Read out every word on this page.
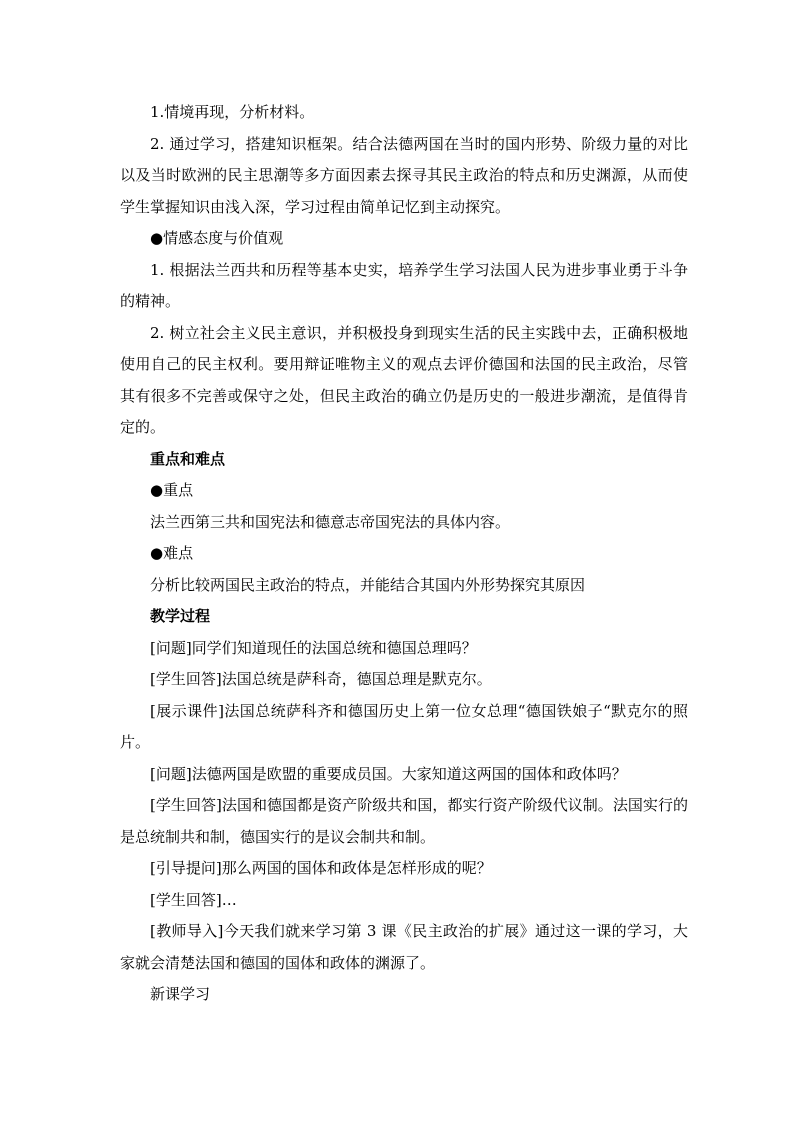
1.情境再现，分析材料。

2. 通过学习，搭建知识框架。结合法德两国在当时的国内形势、阶级力量的对比以及当时欧洲的民主思潮等多方面因素去探寻其民主政治的特点和历史渊源，从而使学生掌握知识由浅入深，学习过程由简单记忆到主动探究。

●情感态度与价值观

1. 根据法兰西共和历程等基本史实，培养学生学习法国人民为进步事业勇于斗争的精神。

2. 树立社会主义民主意识，并积极投身到现实生活的民主实践中去，正确积极地使用自己的民主权利。要用辩证唯物主义的观点去评价德国和法国的民主政治，尽管其有很多不完善或保守之处，但民主政治的确立仍是历史的一般进步潮流，是值得肯定的。

重点和难点

●重点

法兰西第三共和国宪法和德意志帝国宪法的具体内容。

●难点

分析比较两国民主政治的特点，并能结合其国内外形势探究其原因

教学过程

[问题]同学们知道现任的法国总统和德国总理吗？

[学生回答]法国总统是萨科奇，德国总理是默克尔。

[展示课件]法国总统萨科齐和德国历史上第一位女总理“德国铁娘子“默克尔的照片。

[问题]法德两国是欧盟的重要成员国。大家知道这两国的国体和政体吗？

[学生回答]法国和德国都是资产阶级共和国，都实行资产阶级代议制。法国实行的是总统制共和制，德国实行的是议会制共和制。

[引导提问]那么两国的国体和政体是怎样形成的呢？

[学生回答]…

[教师导入]今天我们就来学习第 3 课《民主政治的扩展》通过这一课的学习，大家就会清楚法国和德国的国体和政体的渊源了。

新课学习
